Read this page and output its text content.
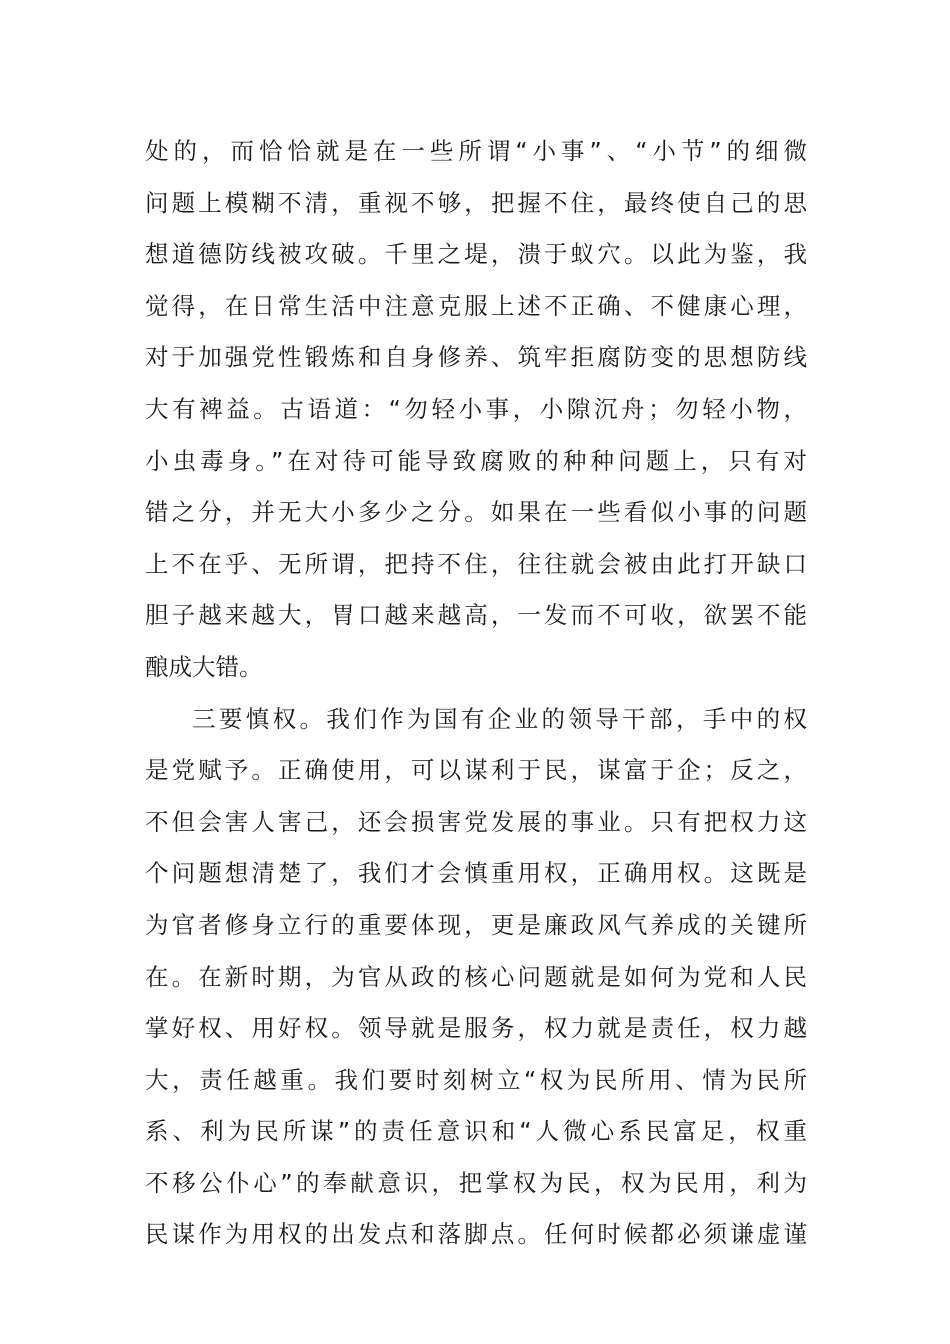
处的，而恰恰就是在一些所谓“小事”、“小节”的细微
问题上模糊不清，重视不够，把握不住，最终使自己的思
想道德防线被攻破。千里之堤，溃于蚁穴。以此为鉴，我
觉得，在日常生活中注意克服上述不正确、不健康心理，
对于加强党性锻炼和自身修养、筑牢拒腐防变的思想防线
大有裨益。古语道：“勿轻小事，小隙沉舟；勿轻小物，
小虫毒身。”在对待可能导致腐败的种种问题上，只有对
错之分，并无大小多少之分。如果在一些看似小事的问题
上不在乎、无所谓，把持不住，往往就会被由此打开缺口
胆子越来越大，胃口越来越高，一发而不可收，欲罢不能
酿成大错。
三要慎权。我们作为国有企业的领导干部，手中的权
是党赋予。正确使用，可以谋利于民，谋富于企；反之，
不但会害人害己，还会损害党发展的事业。只有把权力这
个问题想清楚了，我们才会慎重用权，正确用权。这既是
为官者修身立行的重要体现，更是廉政风气养成的关键所
在。在新时期，为官从政的核心问题就是如何为党和人民
掌好权、用好权。领导就是服务，权力就是责任，权力越
大，责任越重。我们要时刻树立“权为民所用、情为民所
系、利为民所谋”的责任意识和“人微心系民富足，权重
不移公仆心”的奉献意识，把掌权为民，权为民用，利为
民谋作为用权的出发点和落脚点。任何时候都必须谦虚谨
